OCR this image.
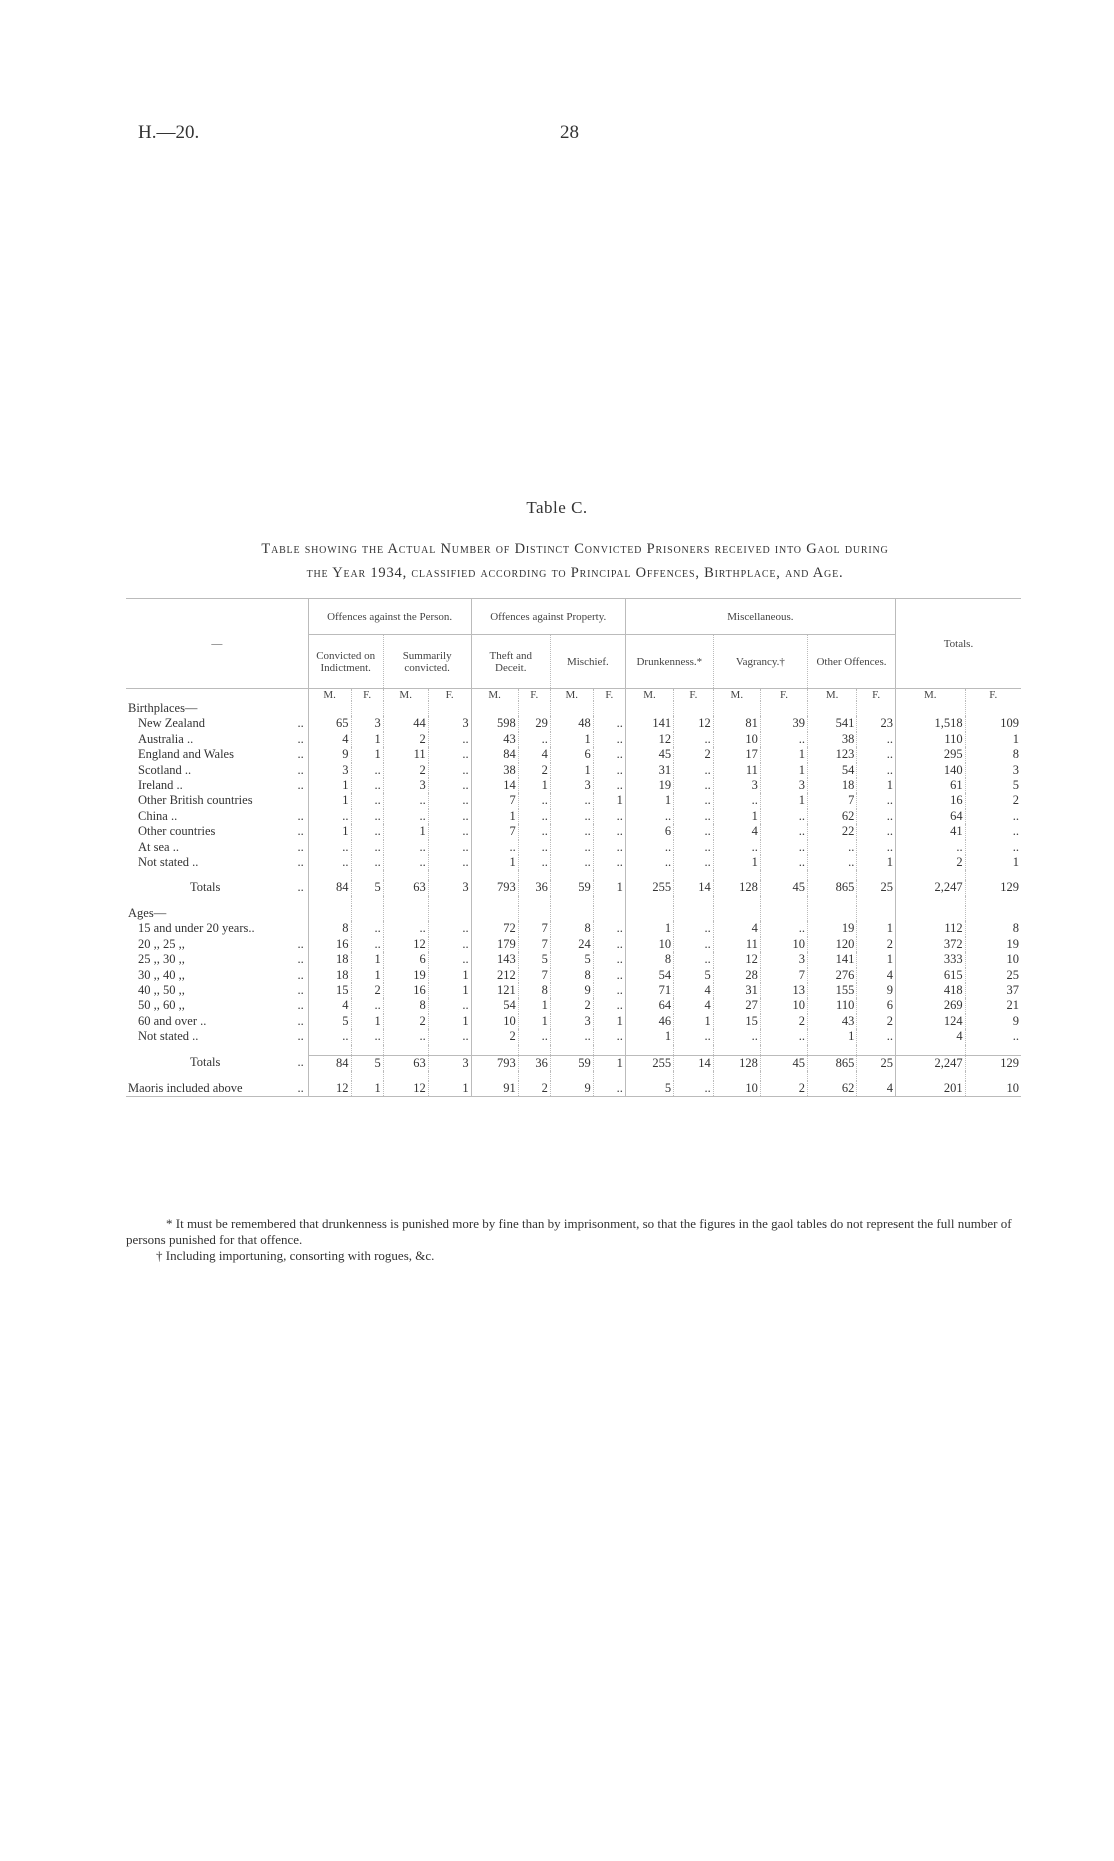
H.—20.	28
Table C.
Table showing the Actual Number of Distinct Convicted Prisoners received into Gaol during
the Year 1934, classified according to Principal Offences, Birthplace, and Age.
—	Offences against the Person.				Offences against Property.				Miscellaneous.						Totals.	
	Convicted on Indictment.		Summarily convicted.		Theft and Deceit.		Mischief.		Drunkenness.*		Vagrancy.†		Other Offences.			
	M.	F.	M.	F.	M.	F.	M.	F.	M.	F.	M.	F.	M.	F.	M.	F.
Birthplaces—																
New Zealand ..	65	3	44	3	598	29	48	..	141	12	81	39	541	23	1,518	109
Australia .. ..	4	1	2	..	43	..	1	..	12	..	10	..	38	..	110	1
England and Wales ..	9	1	11	..	84	4	6	..	45	2	17	1	123	..	295	8
Scotland .. ..	3	..	2	..	38	2	1	..	31	..	11	1	54	..	140	3
Ireland .. ..	1	..	3	..	14	1	3	..	19	..	3	3	18	1	61	5
Other British countries	1	..	..	..	7	..	..	1	1	..	..	1	7	..	16	2
China .. ..	..	..	..	..	1	..	..	..	..	..	1	..	62	..	64	..
Other countries ..	1	..	1	..	7	..	..	..	6	..	4	..	22	..	41	..
At sea .. ..	..	..	..	..	..	..	..	..	..	..	..	..	..	..	..	..
Not stated .. ..	..	..	..	..	1	..	..	..	..	..	1	..	..	1	2	1

Totals ..	84	5	63	3	793	36	59	1	255	14	128	45	865	25	2,247	129

Ages—																
15 and under 20 years..	8	..	..	..	72	7	8	..	1	..	4	..	19	1	112	8
20 ,, 25 ,, ..	16	..	12	..	179	7	24	..	10	..	11	10	120	2	372	19
25 ,, 30 ,, ..	18	1	6	..	143	5	5	..	8	..	12	3	141	1	333	10
30 ,, 40 ,, ..	18	1	19	1	212	7	8	..	54	5	28	7	276	4	615	25
40 ,, 50 ,, ..	15	2	16	1	121	8	9	..	71	4	31	13	155	9	418	37
50 ,, 60 ,, ..	4	..	8	..	54	1	2	..	64	4	27	10	110	6	269	21
60 and over .. ..	5	1	2	1	10	1	3	1	46	1	15	2	43	2	124	9
Not stated .. ..	..	..	..	..	2	..	..	..	1	..	..	..	1	..	4	..

Totals ..	84	5	63	3	793	36	59	1	255	14	128	45	865	25	2,247	129

Maoris included above ..	12	1	12	1	91	2	9	..	5	..	10	2	62	4	201	10

* It must be remembered that drunkenness is punished more by fine than by imprisonment, so that the figures in the gaol tables do not represent the full number of persons punished for that offence.

† Including importuning, consorting with rogues, &c.
